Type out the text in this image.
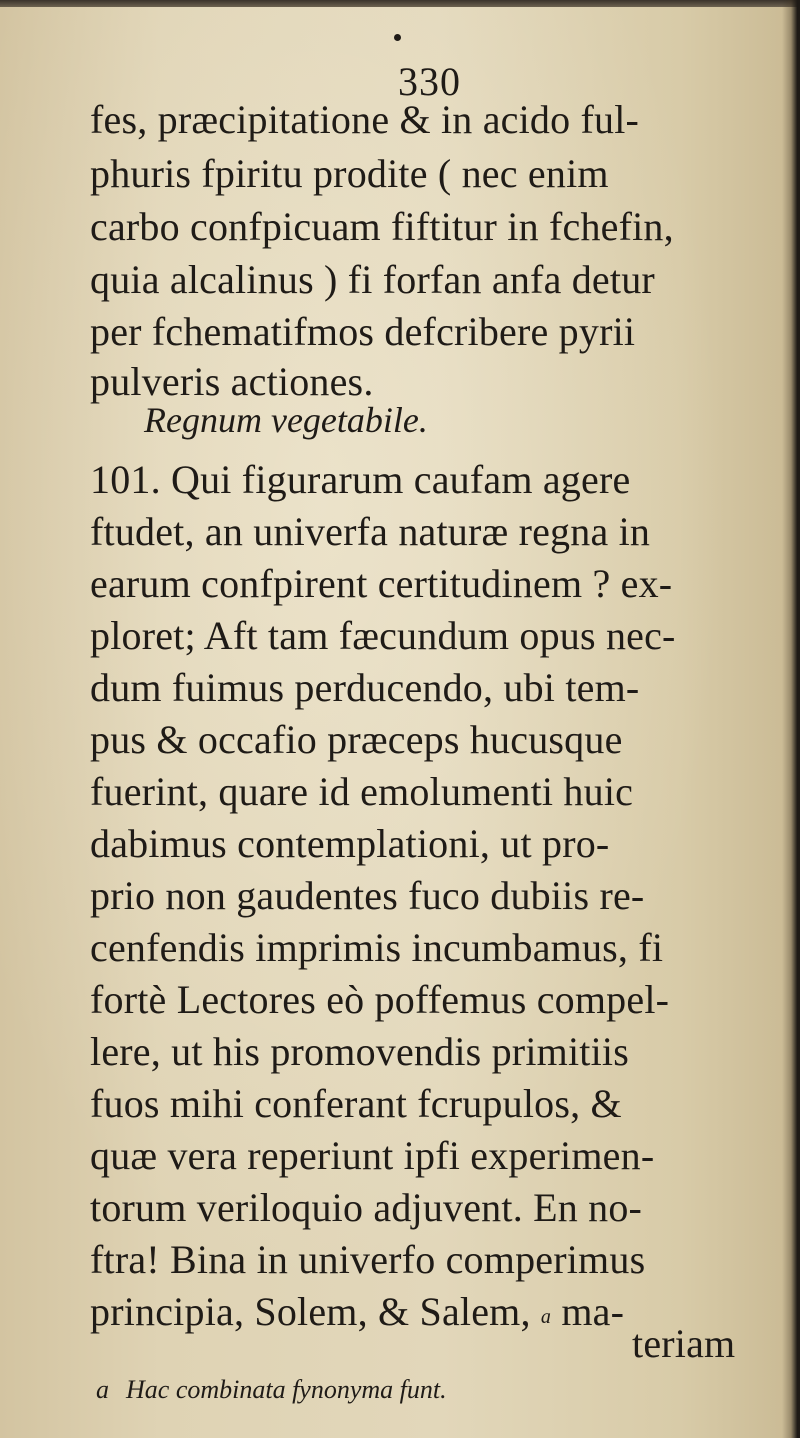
330
fes, præcipitatione & in acido ful-
phuris fpiritu prodite ( nec enim
carbo confpicuam fiftitur in fchefin,
quia alcalinus ) fi forfan anfa detur
per fchematifmos defcribere pyrii
pulveris actiones.
Regnum vegetabile.
101. Qui figurarum caufam agere
ftudet, an univerfa naturæ regna in
earum confpirent certitudinem ? ex-
ploret; Aft tam fæcundum opus nec-
dum fuimus perducendo, ubi tem-
pus & occafio præceps hucusque
fuerint, quare id emolumenti huic
dabimus contemplationi, ut pro-
prio non gaudentes fuco dubiis re-
cenfendis imprimis incumbamus, fi
fortè Lectores eò poffemus compel-
lere, ut his promovendis primitiis
fuos mihi conferant fcrupulos, &
quæ vera reperiunt ipfi experimen-
torum veriloquio adjuvent. En no-
ftra! Bina in univerfo comperimus
principia, Solem, & Salem, a ma-
teriam
a Hac combinata fynonyma funt.
